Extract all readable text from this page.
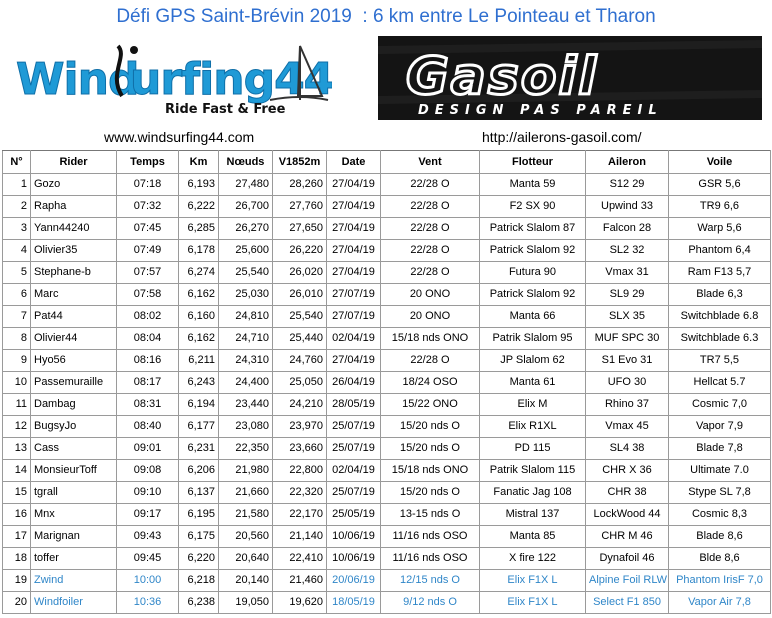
Défi GPS Saint-Brévin 2019  : 6 km entre Le Pointeau et Tharon
Wind
urfing44
Ride Fast & Free
Gasoil
DESIGN PAS PAREIL
www.windsurfing44.com	http://ailerons-gasoil.com/
N°	Rider	Temps	Km	Nœuds	V1852m	Date	Vent	Flotteur	Aileron	Voile
1	Gozo	07:18	6,193	27,480	28,260	27/04/19	22/28 O	Manta 59	S12 29	GSR 5,6
2	Rapha	07:32	6,222	26,700	27,760	27/04/19	22/28 O	F2 SX 90	Upwind 33	TR9 6,6
3	Yann44240	07:45	6,285	26,270	27,650	27/04/19	22/28 O	Patrick Slalom 87	Falcon 28	Warp 5,6
4	Olivier35	07:49	6,178	25,600	26,220	27/04/19	22/28 O	Patrick Slalom 92	SL2 32	Phantom 6,4
5	Stephane-b	07:57	6,274	25,540	26,020	27/04/19	22/28 O	Futura 90	Vmax 31	Ram F13 5,7
6	Marc	07:58	6,162	25,030	26,010	27/07/19	20 ONO	Patrick Slalom 92	SL9 29	Blade 6,3
7	Pat44	08:02	6,160	24,810	25,540	27/07/19	20 ONO	Manta 66	SLX 35	Switchblade 6.8
8	Olivier44	08:04	6,162	24,710	25,440	02/04/19	15/18 nds ONO	Patrik Slalom 95	MUF SPC 30	Switchblade 6.3
9	Hyo56	08:16	6,211	24,310	24,760	27/04/19	22/28 O	JP Slalom 62	S1 Evo 31	TR7 5,5
10	Passemuraille	08:17	6,243	24,400	25,050	26/04/19	18/24 OSO	Manta 61	UFO 30	Hellcat 5.7
11	Dambag	08:31	6,194	23,440	24,210	28/05/19	15/22 ONO	Elix M	Rhino 37	Cosmic 7,0
12	BugsyJo	08:40	6,177	23,080	23,970	25/07/19	15/20 nds O	Elix R1XL	Vmax 45	Vapor 7,9
13	Cass	09:01	6,231	22,350	23,660	25/07/19	15/20 nds O	PD 115	SL4 38	Blade 7,8
14	MonsieurToff	09:08	6,206	21,980	22,800	02/04/19	15/18 nds ONO	Patrik Slalom 115	CHR X 36	Ultimate 7.0
15	tgrall	09:10	6,137	21,660	22,320	25/07/19	15/20 nds O	Fanatic Jag 108	CHR 38	Stype SL 7,8
16	Mnx	09:17	6,195	21,580	22,170	25/05/19	13-15 nds O	Mistral 137	LockWood 44	Cosmic 8,3
17	Marignan	09:43	6,175	20,560	21,140	10/06/19	11/16 nds OSO	Manta 85	CHR M 46	Blade 8,6
18	toffer	09:45	6,220	20,640	22,410	10/06/19	11/16 nds OSO	X fire 122	Dynafoil 46	Blde 8,6
19	Zwind	10:00	6,218	20,140	21,460	20/06/19	12/15 nds O	Elix F1X L	Alpine Foil RLW	Phantom IrisF 7,0
20	Windfoiler	10:36	6,238	19,050	19,620	18/05/19	9/12 nds O	Elix F1X L	Select F1 850	Vapor Air 7,8
